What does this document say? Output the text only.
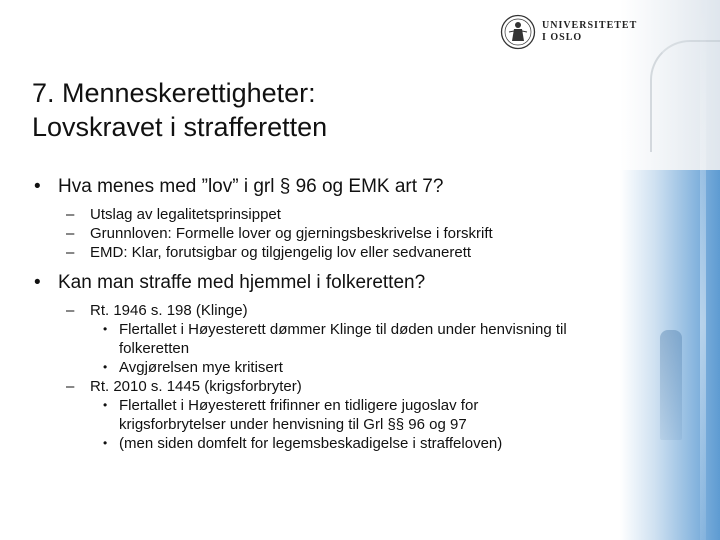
UNIVERSITETET
I OSLO
7. Menneskerettigheter:
Lovskravet i strafferetten

• Hva menes med ”lov” i grl § 96 og EMK art 7?

– Utslag av legalitetsprinsippet

– Grunnloven: Formelle lover og gjerningsbeskrivelse i forskrift

– EMD: Klar, forutsigbar og tilgjengelig lov eller sedvanerett

• Kan man straffe med hjemmel i folkeretten?

– Rt. 1946 s. 198 (Klinge)

• Flertallet i Høyesterett dømmer Klinge til døden under henvisning til folkeretten

• Avgjørelsen mye kritisert

– Rt. 2010 s. 1445 (krigsforbryter)

• Flertallet i Høyesterett frifinner en tidligere jugoslav for krigsforbrytelser under henvisning til Grl §§ 96 og 97

• (men siden domfelt for legemsbeskadigelse i straffeloven)
